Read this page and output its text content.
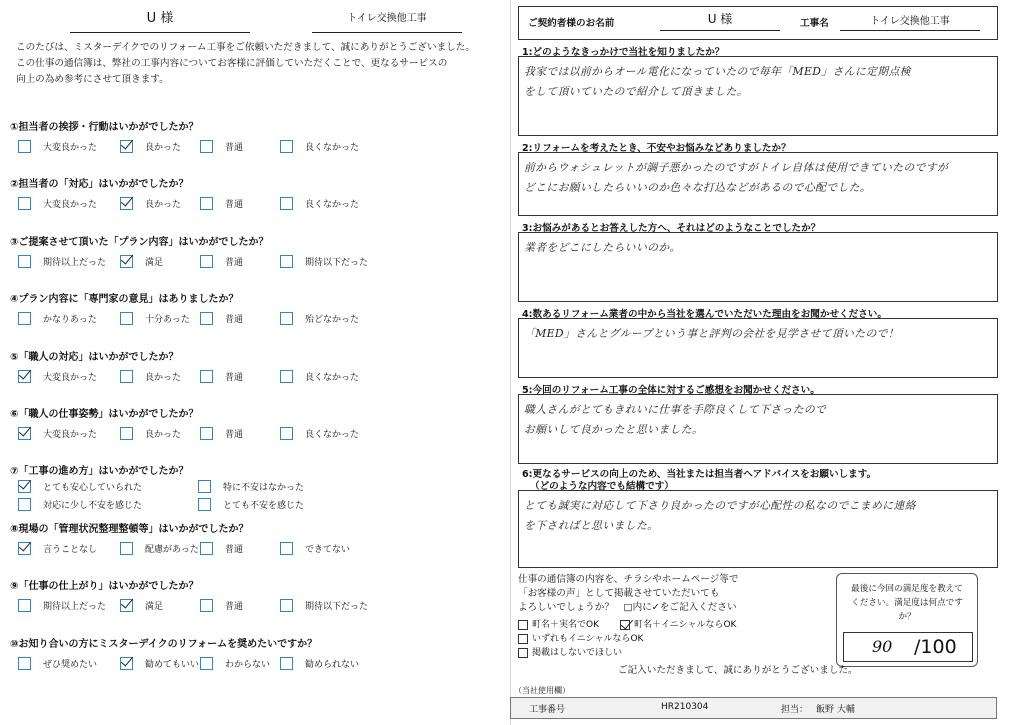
U 様	トイレ交換他工事
このたびは、ミスターデイクでのリフォーム工事をご依頼いただきまして、誠にありがとうございました。
この仕事の通信簿は、弊社の工事内容についてお客様に評価していただくことで、更なるサービスの
向上の為め参考にさせて頂きます。
①担当者の挨拶・行動はいかがでしたか？
大変良かった	良かった	普通	良くなかった
②担当者の「対応」はいかがでしたか？
大変良かった	良かった	普通	良くなかった
③ご提案させて頂いた「プラン内容」はいかがでしたか？
期待以上だった	満足	普通	期待以下だった
④プラン内容に「専門家の意見」はありましたか？
かなりあった	十分あった	普通	殆どなかった
⑤「職人の対応」はいかがでしたか？
大変良かった	良かった	普通	良くなかった
⑥「職人の仕事姿勢」はいかがでしたか？
大変良かった	良かった	普通	良くなかった
⑦「工事の進め方」はいかがでしたか？
とても安心していられた	特に不安はなかった
対応に少し不安を感じた	とても不安を感じた
⑧現場の「管理状況整理整頓等」はいかがでしたか？
言うことなし	配慮があった	普通	できてない
⑨「仕事の仕上がり」はいかがでしたか？
期待以上だった	満足	普通	期待以下だった
⑩お知り合いの方にミスターデイクのリフォームを奨めたいですか？
ぜひ奨めたい	勧めてもいい	わからない	勧められない

ご契約者様のお名前	U 様	工事名	トイレ交換他工事
1:どのようなきっかけで当社を知りましたか？
我家では以前からオール電化になっていたので毎年「MED」さんに定期点検
をして頂いていたので紹介して頂きました。
2:リフォームを考えたとき、不安やお悩みなどありましたか？
前からウォシュレットが調子悪かったのですがトイレ自体は使用できていたのですが
どこにお願いしたらいいのか色々な打込などがあるので心配でした。
3:お悩みがあるとお答えした方へ、それはどのようなことでしたか？
業者をどこにしたらいいのか。
4:数あるリフォーム業者の中から当社を選んでいただいた理由をお聞かせください。
「MED」さんとグループという事と評判の会社を見学させて頂いたので！
5:今回のリフォーム工事の全体に対するご感想をお聞かせください。
職人さんがとてもきれいに仕事を手際良くして下さったので
お願いして良かったと思いました。
6:更なるサービスの向上のため、当社または担当者へアドバイスをお願いします。
（どのような内容でも結構です）
とても誠実に対応して下さり良かったのですが心配性の私なのでこまめに連絡
を下さればと思いました。
仕事の通信簿の内容を、チラシやホームページ等で
「お客様の声」として掲載させていただいても
よろしいでしょうか？　□内に✓をご記入ください
町名＋実名でOK	町名＋イニシャルならOK
いずれもイニシャルならOK
掲載はしないでほしい
最後に今回の満足度を教えてください。満足度は何点ですか？
90 /100
ご記入いただきまして、誠にありがとうございました。
（当社使用欄）
工事番号	HR210304	担当： 飯野 大輔
